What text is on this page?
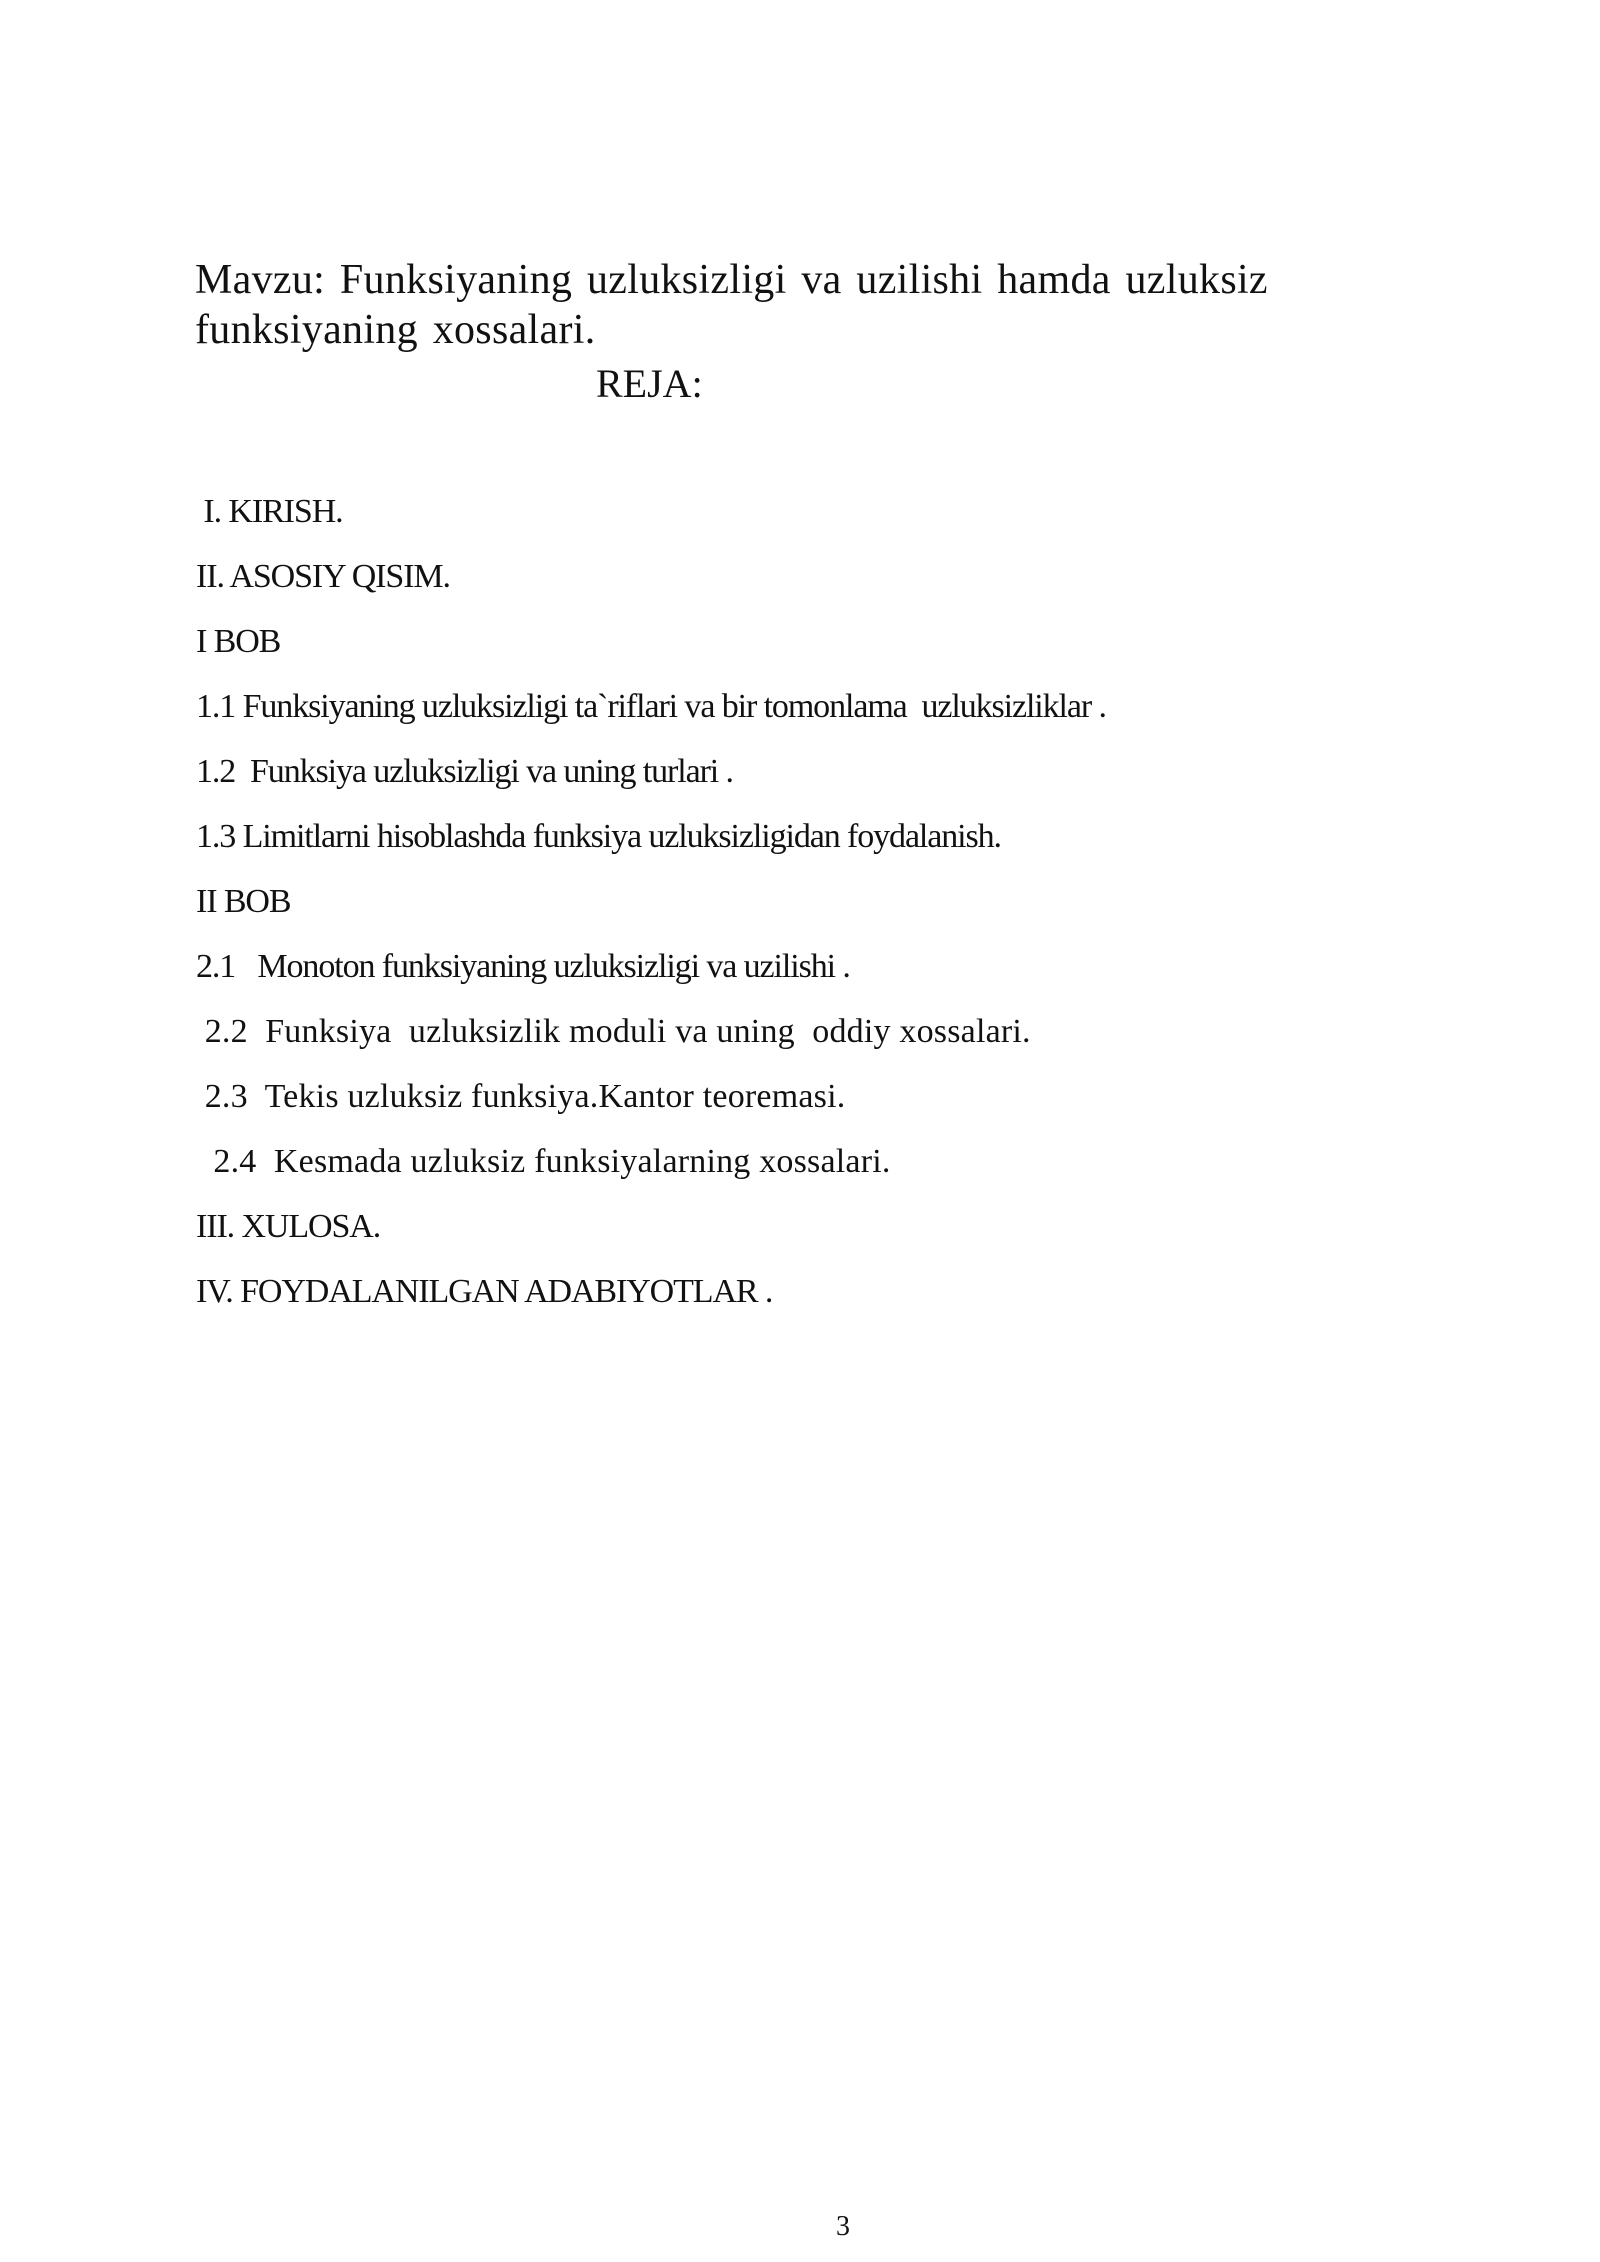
Mavzu: Funksiyaning uzluksizligi va uzilishi hamda uzluksiz
funksiyaning xossalari.
REJA:
I. KIRISH.
II. ASOSIY QISIM.
I BOB
1.1 Funksiyaning uzluksizligi ta`riflari va bir tomonlama  uzluksizliklar .
1.2  Funksiya uzluksizligi va uning turlari .
1.3 Limitlarni hisoblashda funksiya uzluksizligidan foydalanish.
II BOB
2.1   Monoton funksiyaning uzluksizligi va uzilishi .
2.2  Funksiya  uzluksizlik moduli va uning  oddiy xossalari.
2.3  Tekis uzluksiz funksiya.Kantor teoremasi.
2.4  Kesmada uzluksiz funksiyalarning xossalari.
III. XULOSA.
IV. FOYDALANILGAN ADABIYOTLAR .
3
